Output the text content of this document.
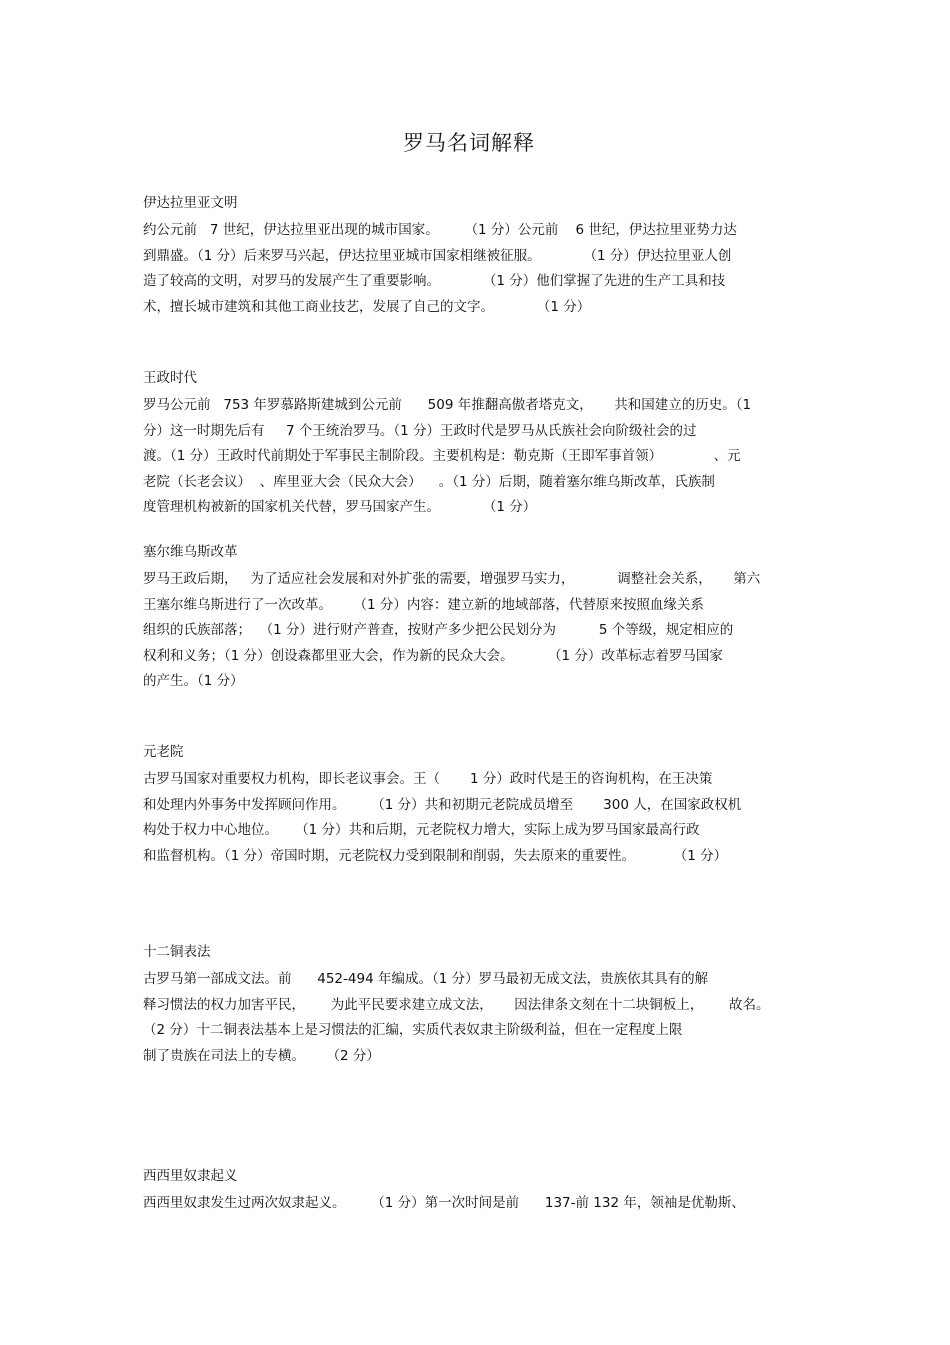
罗马名词解释
伊达拉里亚文明
约公元前   7 世纪，伊达拉里亚出现的城市国家。      （1 分）公元前    6 世纪，伊达拉里亚势力达
到鼎盛。（1 分）后来罗马兴起，伊达拉里亚城市国家相继被征服。          （1 分）伊达拉里亚人创
造了较高的文明，对罗马的发展产生了重要影响。          （1 分）他们掌握了先进的生产工具和技
术，擅长城市建筑和其他工商业技艺，发展了自己的文字。          （1 分）
王政时代
罗马公元前   753 年罗慕路斯建城到公元前      509 年推翻高傲者塔克文，     共和国建立的历史。（1
分）这一时期先后有     7 个王统治罗马。（1 分）王政时代是罗马从氏族社会向阶级社会的过
渡。（1 分）王政时代前期处于军事民主制阶段。主要机构是：勒克斯（王即军事首领）            、元
老院（长老会议）  、库里亚大会（民众大会）    。（1 分）后期，随着塞尔维乌斯改革，氏族制
度管理机构被新的国家机关代替，罗马国家产生。          （1 分）
塞尔维乌斯改革
罗马王政后期，   为了适应社会发展和对外扩张的需要，增强罗马实力，          调整社会关系，     第六
王塞尔维乌斯进行了一次改革。     （1 分）内容：建立新的地域部落，代替原来按照血缘关系
组织的氏族部落；  （1 分）进行财产普查，按财产多少把公民划分为          5 个等级，规定相应的
权利和义务；（1 分）创设森都里亚大会，作为新的民众大会。        （1 分）改革标志着罗马国家
的产生。（1 分）
元老院
古罗马国家对重要权力机构，即长老议事会。王（       1 分）政时代是王的咨询机构，在王决策
和处理内外事务中发挥顾问作用。      （1 分）共和初期元老院成员增至       300 人，在国家政权机
构处于权力中心地位。    （1 分）共和后期，元老院权力增大，实际上成为罗马国家最高行政
和监督机构。（1 分）帝国时期，元老院权力受到限制和削弱，失去原来的重要性。         （1 分）
十二铜表法
古罗马第一部成文法。前      452-494 年编成。（1 分）罗马最初无成文法，贵族依其具有的解
释习惯法的权力加害平民，      为此平民要求建立成文法，     因法律条文刻在十二块铜板上，      故名。
（2 分）十二铜表法基本上是习惯法的汇编，实质代表奴隶主阶级利益，但在一定程度上限
制了贵族在司法上的专横。     （2 分）
西西里奴隶起义
西西里奴隶发生过两次奴隶起义。      （1 分）第一次时间是前      137-前 132 年，领袖是优勒斯、
